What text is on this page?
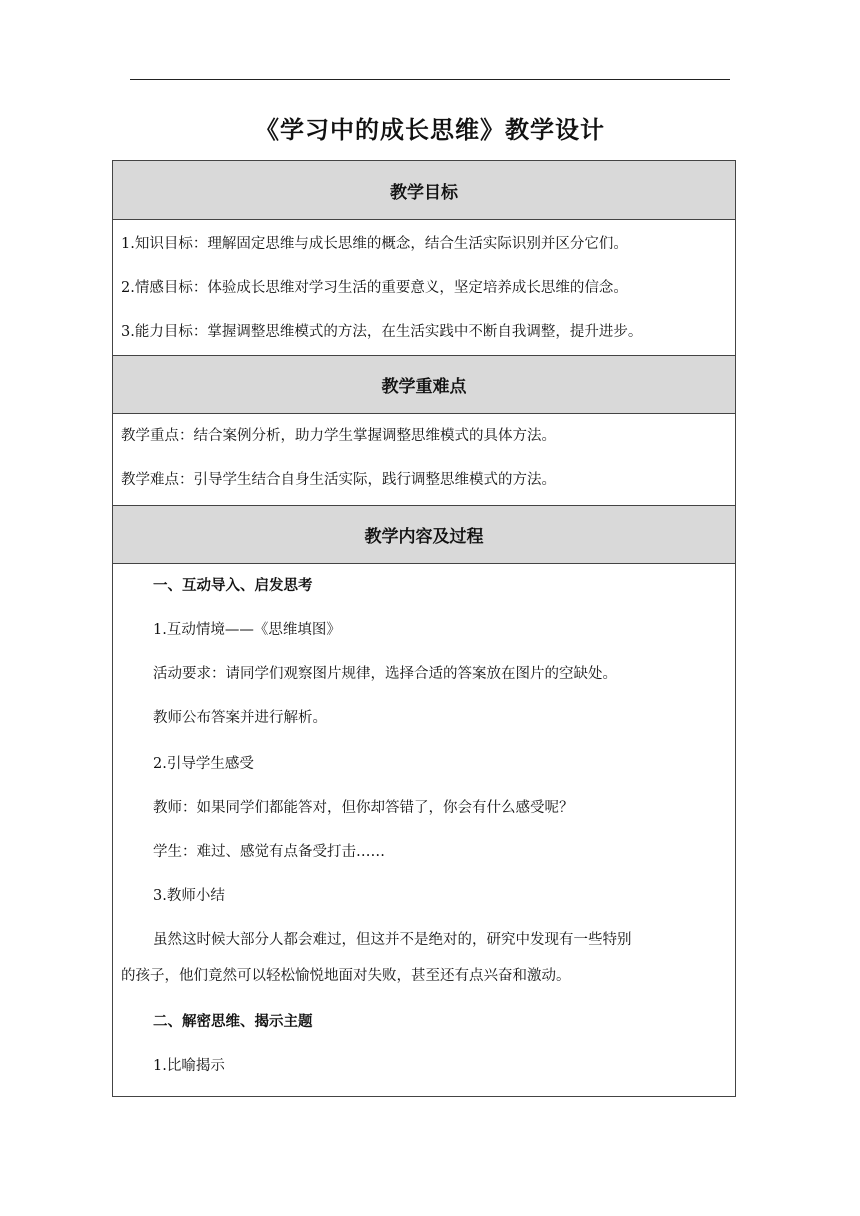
《学习中的成长思维》教学设计
教学目标
1.知识目标：理解固定思维与成长思维的概念，结合生活实际识别并区分它们。
2.情感目标：体验成长思维对学习生活的重要意义，坚定培养成长思维的信念。
3.能力目标：掌握调整思维模式的方法，在生活实践中不断自我调整，提升进步。
教学重难点
教学重点：结合案例分析，助力学生掌握调整思维模式的具体方法。
教学难点：引导学生结合自身生活实际，践行调整思维模式的方法。
教学内容及过程
一、互动导入、启发思考
1.互动情境——《思维填图》
活动要求：请同学们观察图片规律，选择合适的答案放在图片的空缺处。
教师公布答案并进行解析。
2.引导学生感受
教师：如果同学们都能答对，但你却答错了，你会有什么感受呢？
学生：难过、感觉有点备受打击……
3.教师小结
虽然这时候大部分人都会难过，但这并不是绝对的，研究中发现有一些特别
的孩子，他们竟然可以轻松愉悦地面对失败，甚至还有点兴奋和激动。
二、解密思维、揭示主题
1.比喻揭示
